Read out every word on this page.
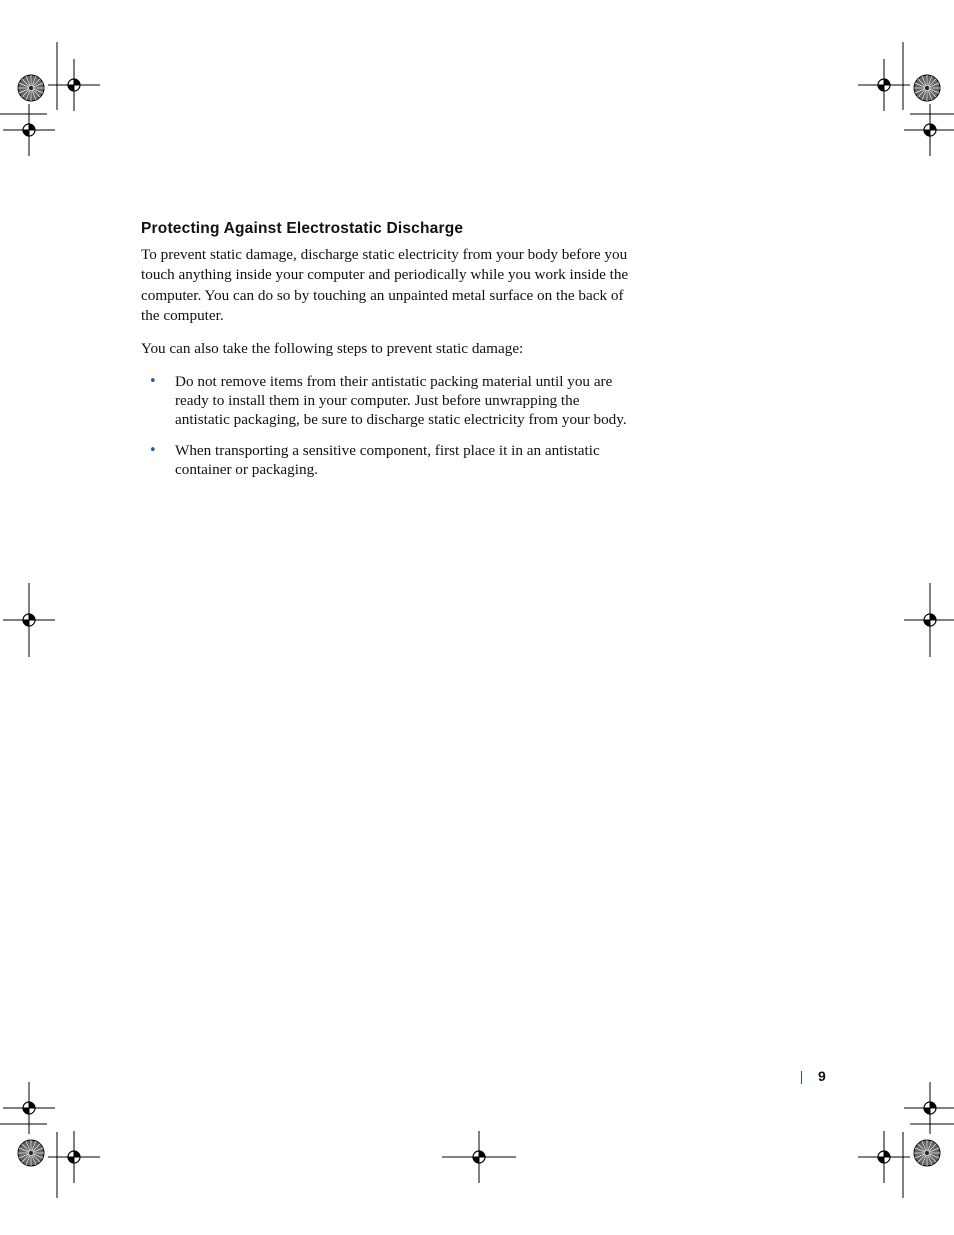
Protecting Against Electrostatic Discharge

To prevent static damage, discharge static electricity from your body before you touch anything inside your computer and periodically while you work inside the computer. You can do so by touching an unpainted metal surface on the back of the computer.

You can also take the following steps to prevent static damage:

• Do not remove items from their antistatic packing material until you are ready to install them in your computer. Just before unwrapping the antistatic packaging, be sure to discharge static electricity from your body.
• When transporting a sensitive component, first place it in an antistatic container or packaging.
9
